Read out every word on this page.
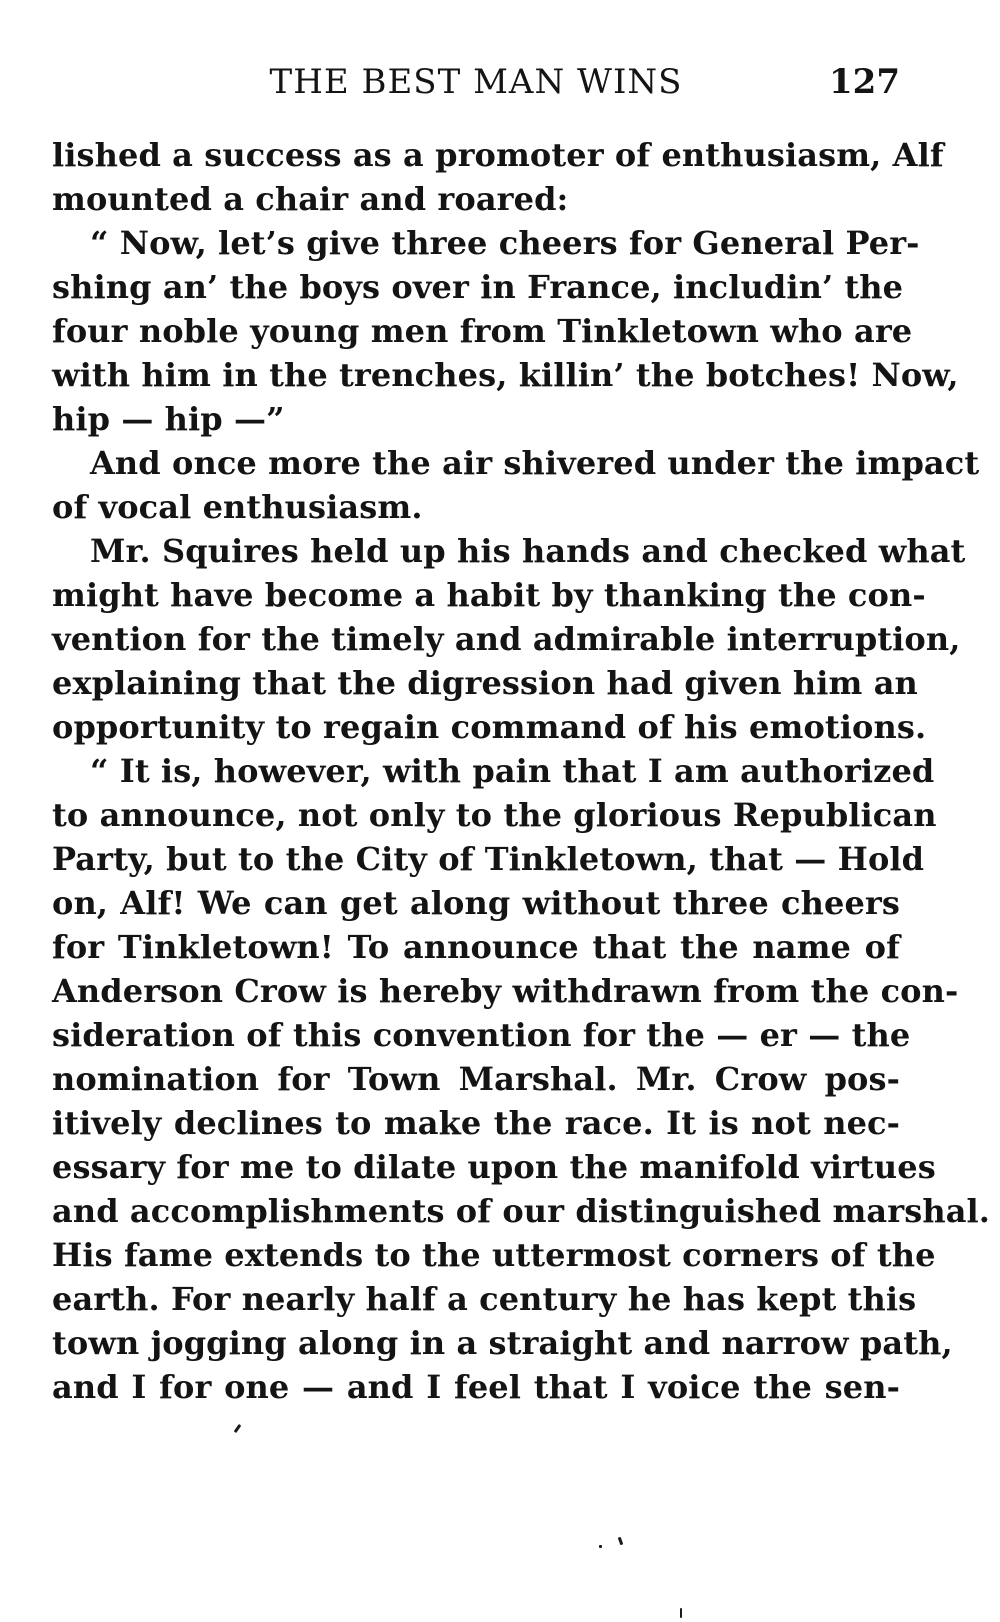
THE BEST MAN WINS	127
lished a success as a promoter of enthusiasm, Alf
mounted a chair and roared:
“ Now, let’s give three cheers for General Per-
shing an’ the boys over in France, includin’ the
four noble young men from Tinkletown who are
with him in the trenches, killin’ the botches! Now,
hip — hip —”
And once more the air shivered under the impact
of vocal enthusiasm.
Mr. Squires held up his hands and checked what
might have become a habit by thanking the con-
vention for the timely and admirable interruption,
explaining that the digression had given him an
opportunity to regain command of his emotions.
“ It is, however, with pain that I am authorized
to announce, not only to the glorious Republican
Party, but to the City of Tinkletown, that — Hold
on, Alf! We can get along without three cheers
for Tinkletown! To announce that the name of
Anderson Crow is hereby withdrawn from the con-
sideration of this convention for the — er — the
nomination for Town Marshal. Mr. Crow pos-
itively declines to make the race. It is not nec-
essary for me to dilate upon the manifold virtues
and accomplishments of our distinguished marshal.
His fame extends to the uttermost corners of the
earth. For nearly half a century he has kept this
town jogging along in a straight and narrow path,
and I for one — and I feel that I voice the sen-
